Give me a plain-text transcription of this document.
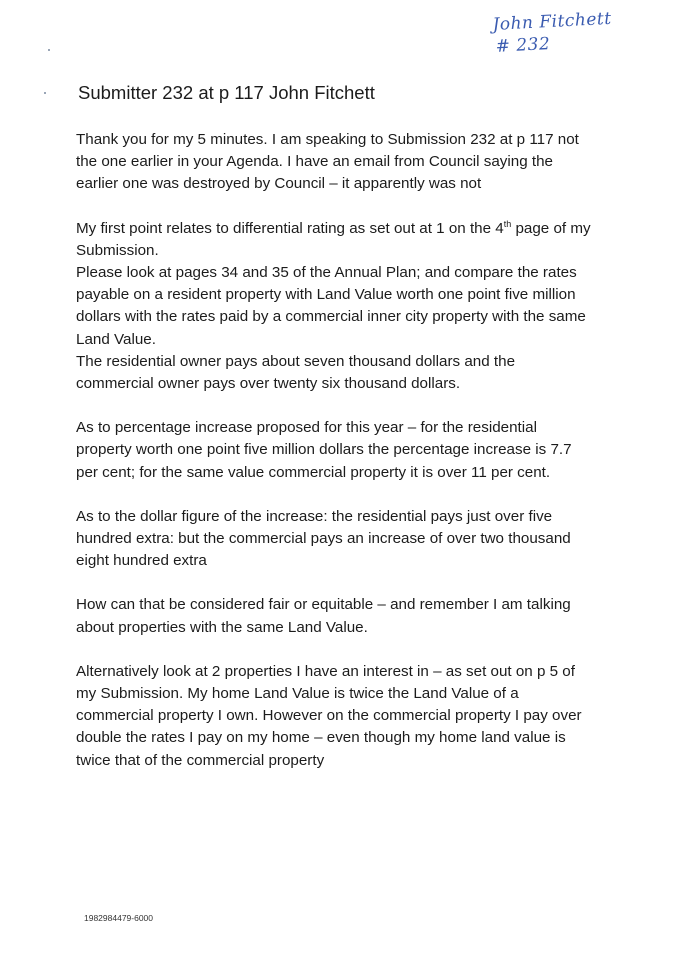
John Fitchett
# 232
Submitter 232 at p 117 John Fitchett

Thank you for my 5 minutes. I am speaking to Submission 232 at p 117 not the one earlier in your Agenda. I have an email from Council saying the earlier one was destroyed by Council – it apparently was not

My first point relates to differential rating as set out at 1 on the 4th page of my Submission.

Please look at pages 34 and 35 of the Annual Plan; and compare the rates payable on a resident property with Land Value worth one point five million dollars with the rates paid by a commercial inner city property with the same Land Value.

The residential owner pays about seven thousand dollars and the commercial owner pays over twenty six thousand dollars.

As to percentage increase proposed for this year – for the residential property worth one point five million dollars the percentage increase is 7.7 per cent; for the same value commercial property it is over 11 per cent.

As to the dollar figure of the increase: the residential pays just over five hundred extra: but the commercial pays an increase of over two thousand eight hundred extra

How can that be considered fair or equitable – and remember I am talking about properties with the same Land Value.

Alternatively look at 2 properties I have an interest in – as set out on p 5 of my Submission. My home Land Value is twice the Land Value of a commercial property I own. However on the commercial property I pay over double the rates I pay on my home – even though my home land value is twice that of the commercial property

1982984479-6000
